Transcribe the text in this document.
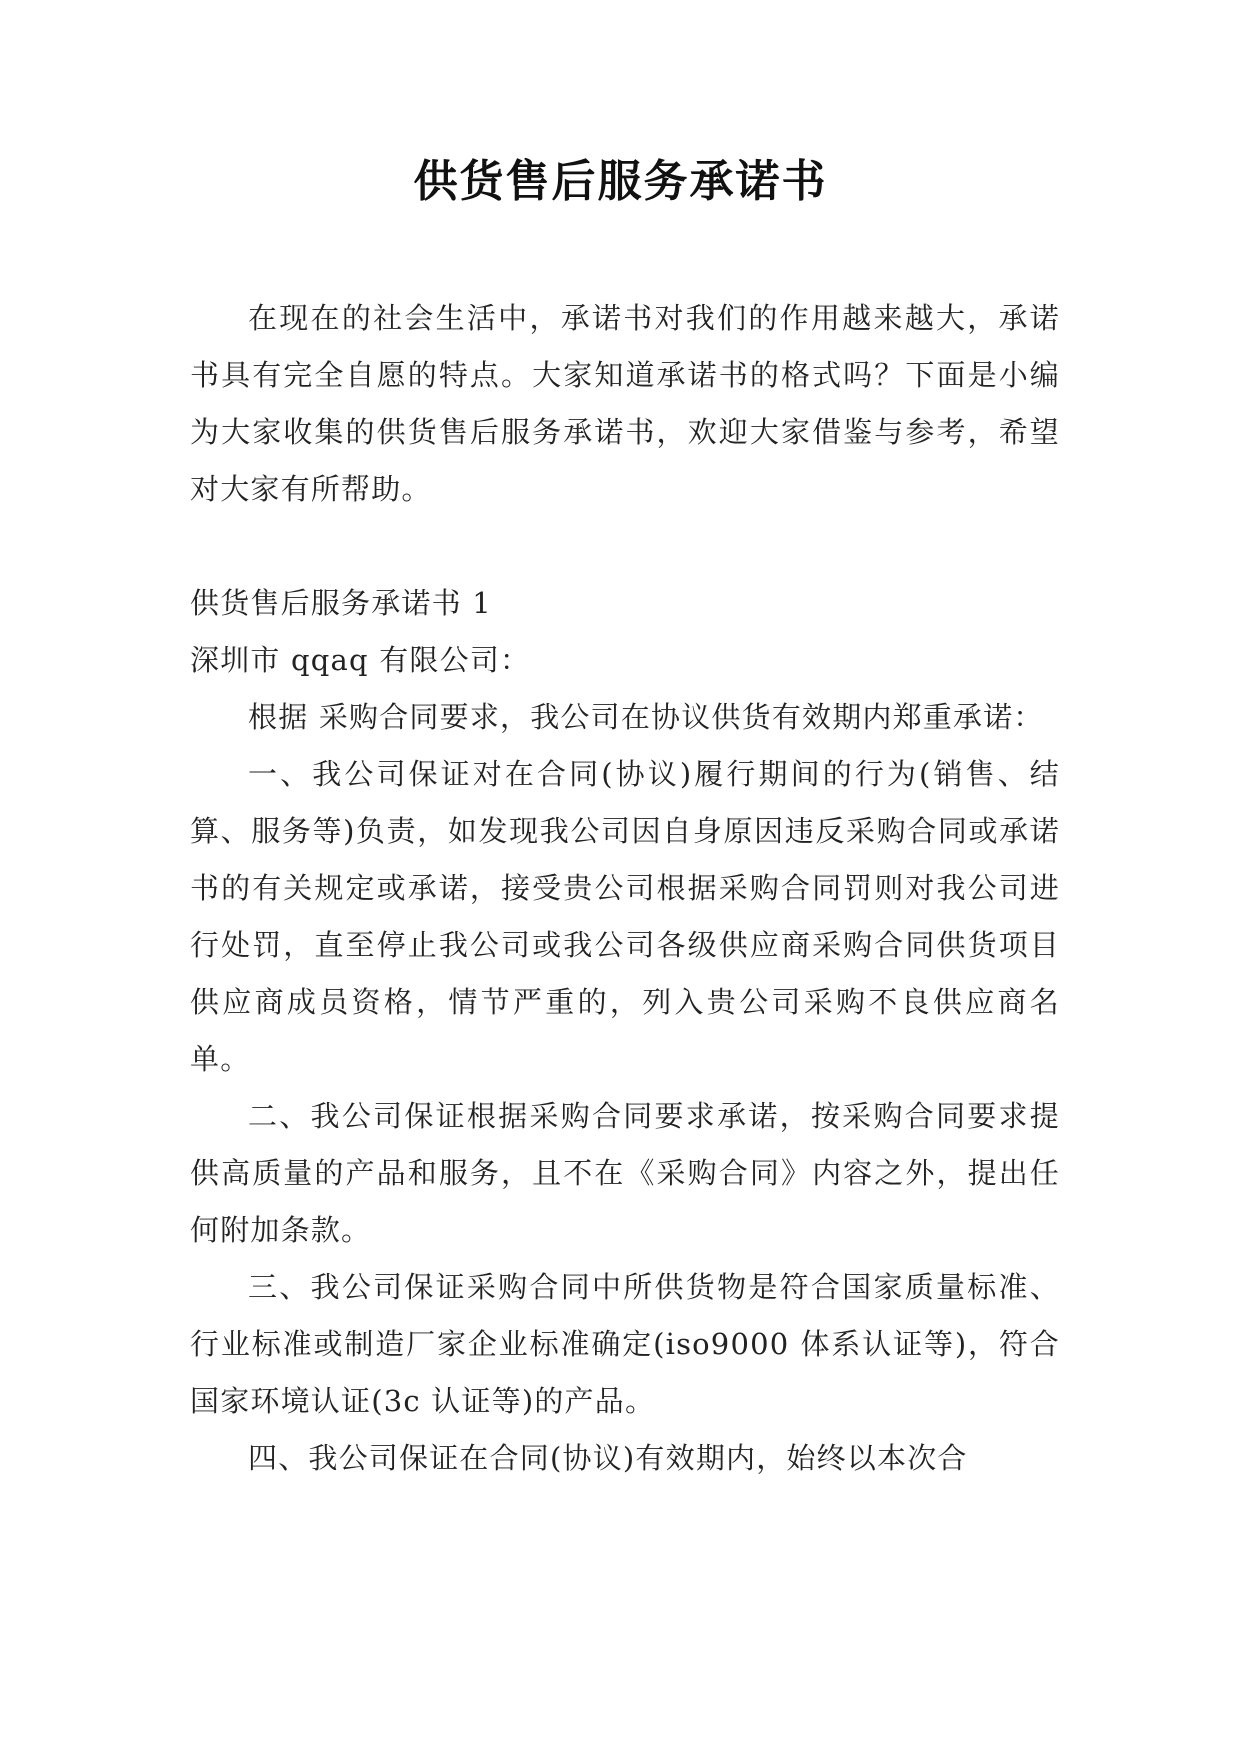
供货售后服务承诺书

在现在的社会生活中，承诺书对我们的作用越来越大，承诺书具有完全自愿的特点。大家知道承诺书的格式吗？下面是小编为大家收集的供货售后服务承诺书，欢迎大家借鉴与参考，希望对大家有所帮助。

供货售后服务承诺书 1

深圳市 qqaq 有限公司：

根据 采购合同要求，我公司在协议供货有效期内郑重承诺：

一、我公司保证对在合同(协议)履行期间的行为(销售、结算、服务等)负责，如发现我公司因自身原因违反采购合同或承诺书的有关规定或承诺，接受贵公司根据采购合同罚则对我公司进行处罚，直至停止我公司或我公司各级供应商采购合同供货项目供应商成员资格，情节严重的，列入贵公司采购不良供应商名单。

二、我公司保证根据采购合同要求承诺，按采购合同要求提供高质量的产品和服务，且不在《采购合同》内容之外，提出任何附加条款。

三、我公司保证采购合同中所供货物是符合国家质量标准、行业标准或制造厂家企业标准确定(iso9000 体系认证等)，符合国家环境认证(3c 认证等)的产品。

四、我公司保证在合同(协议)有效期内，始终以本次合
